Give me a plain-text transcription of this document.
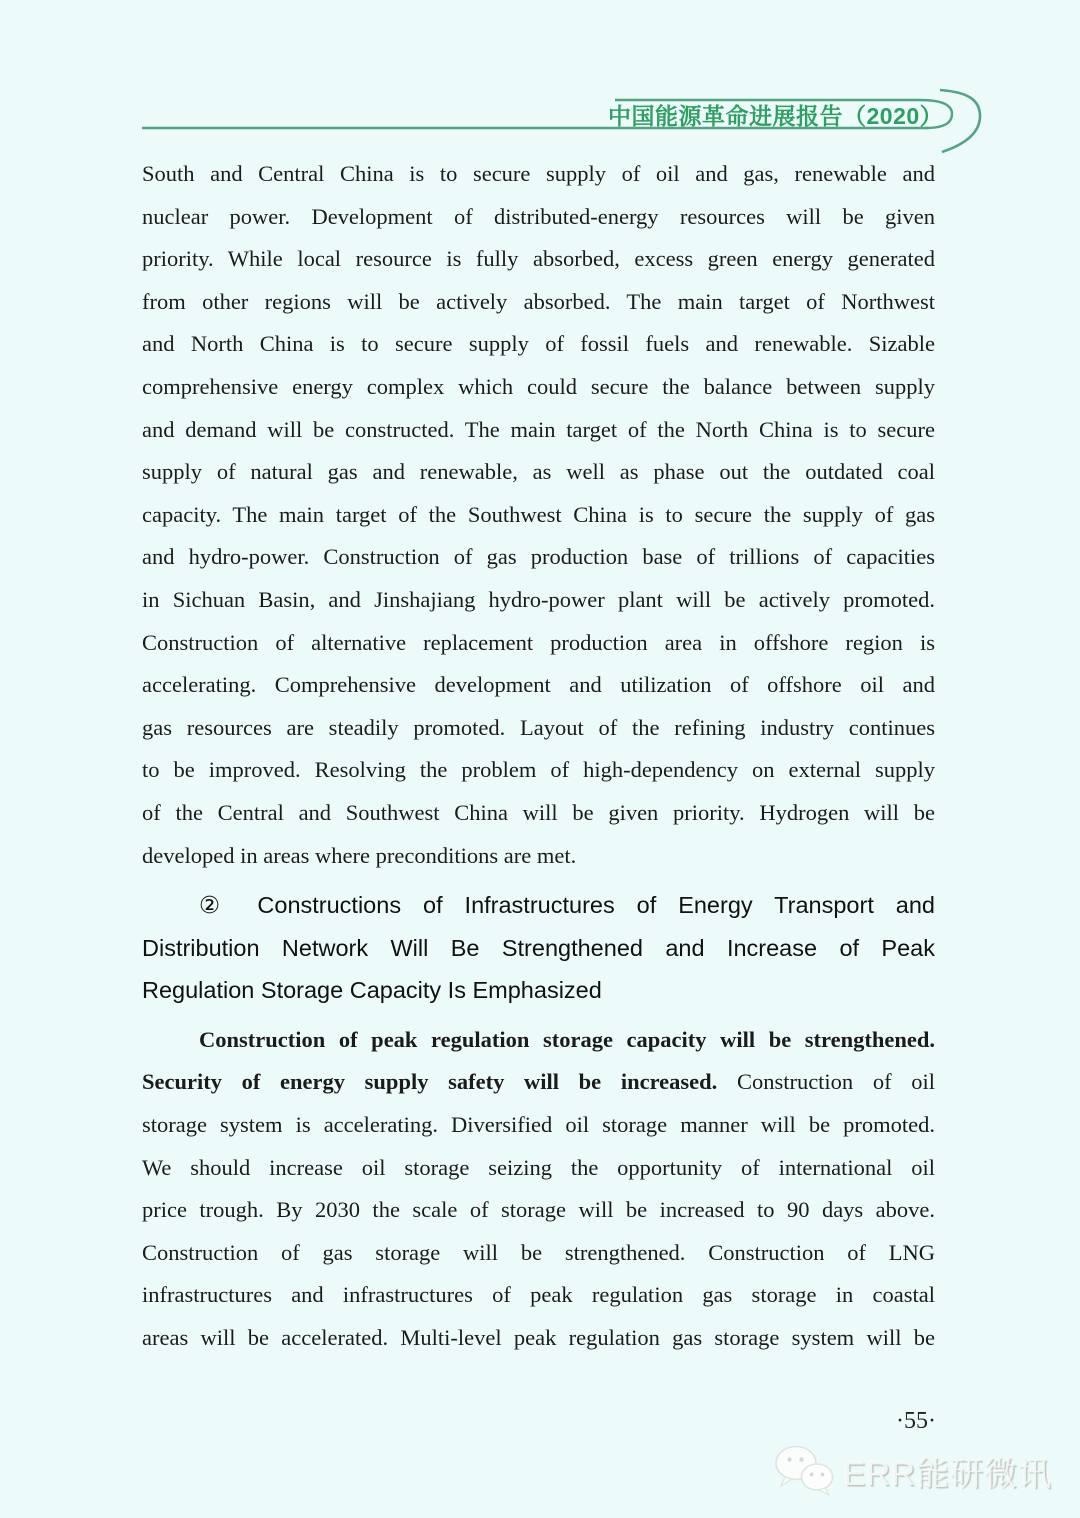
中国能源革命进展报告（2020）
South and Central China is to secure supply of oil and gas, renewable and
nuclear power. Development of distributed-energy resources will be given
priority. While local resource is fully absorbed, excess green energy generated
from other regions will be actively absorbed. The main target of Northwest
and North China is to secure supply of fossil fuels and renewable. Sizable
comprehensive energy complex which could secure the balance between supply
and demand will be constructed. The main target of the North China is to secure
supply of natural gas and renewable, as well as phase out the outdated coal
capacity. The main target of the Southwest China is to secure the supply of gas
and hydro-power. Construction of gas production base of trillions of capacities
in Sichuan Basin, and Jinshajiang hydro-power plant will be actively promoted.
Construction of alternative replacement production area in offshore region is
accelerating. Comprehensive development and utilization of offshore oil and
gas resources are steadily promoted. Layout of the refining industry continues
to be improved. Resolving the problem of high-dependency on external supply
of the Central and Southwest China will be given priority. Hydrogen will be
developed in areas where preconditions are met.
② Constructions of Infrastructures of Energy Transport and
Distribution Network Will Be Strengthened and Increase of Peak
Regulation Storage Capacity Is Emphasized
Construction of peak regulation storage capacity will be strengthened.
Security of energy supply safety will be increased. Construction of oil
storage system is accelerating. Diversified oil storage manner will be promoted.
We should increase oil storage seizing the opportunity of international oil
price trough. By 2030 the scale of storage will be increased to 90 days above.
Construction of gas storage will be strengthened. Construction of LNG
infrastructures and infrastructures of peak regulation gas storage in coastal
areas will be accelerated. Multi-level peak regulation gas storage system will be
·55·
ERR能研微讯
